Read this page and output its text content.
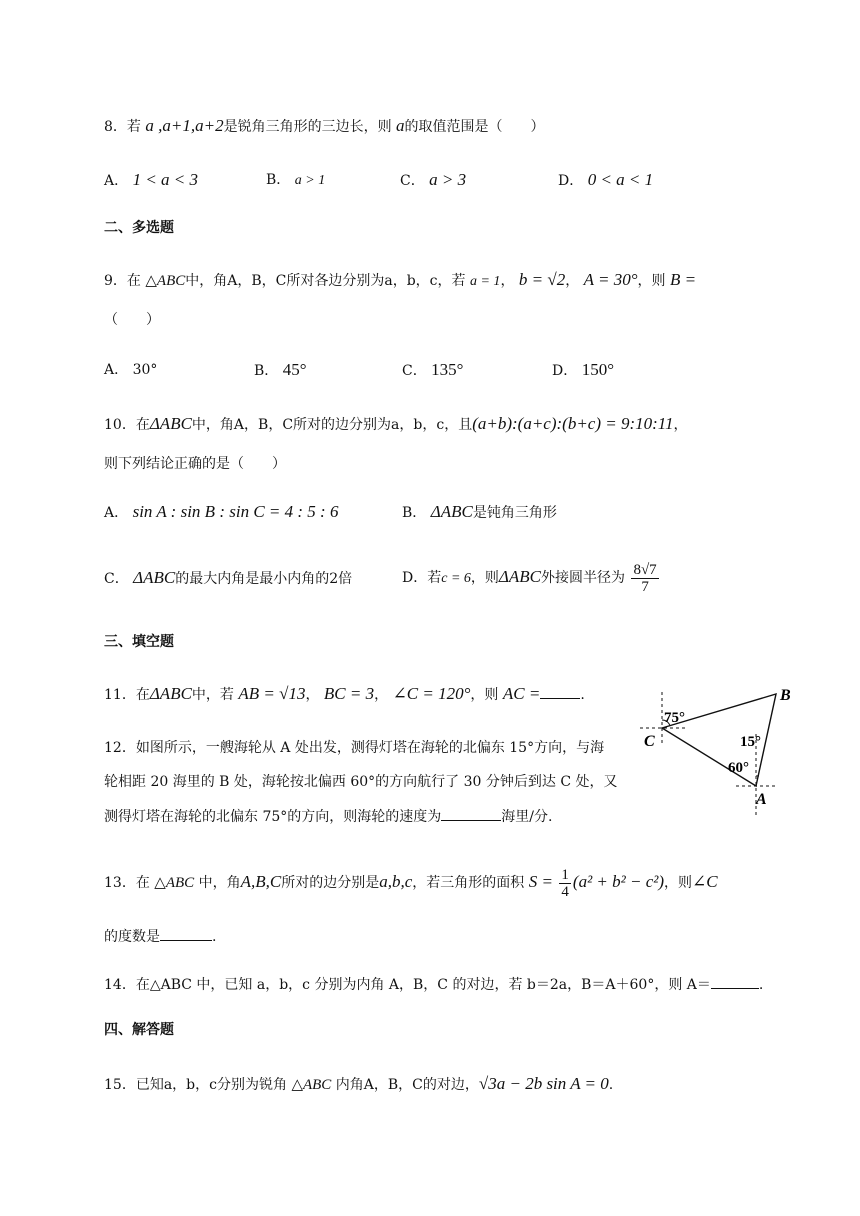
8．若 a ,a+1,a+2是锐角三角形的三边长，则 a的取值范围是（　　）
A． 1 < a < 3	B． a > 1	C． a > 3	D． 0 < a < 1
二、多选题
9．在 △ABC中，角A，B，C所对各边分别为a，b，c，若 a = 1， b = √2， A = 30°，则 B =
（　　）
A． 30°	B． 45°	C． 135°	D． 150°
10．在ΔABC中，角A，B，C所对的边分别为a，b，c，且(a+b):(a+c):(b+c) = 9:10:11，
则下列结论正确的是（　　）
A． sin A : sin B : sin C = 4 : 5 : 6	B． ΔABC是钝角三角形
C． ΔABC的最大内角是最小内角的2倍	D．若c = 6，则ΔABC外接圆半径为 $\frac{8√7}{7}$
三、填空题
11．在ΔABC中，若 AB = √13， BC = 3， ∠C = 120°，则 AC =	.
12．如图所示，一艘海轮从 A 处出发，测得灯塔在海轮的北偏东 15°方向，与海
轮相距 20 海里的 B 处，海轮按北偏西 60°的方向航行了 30 分钟后到达 C 处，又
测得灯塔在海轮的北偏东 75°的方向，则海轮的速度为	海里/分.
75°
15°
60°
B
C
A
13．在 △ABC 中，角A,B,C所对的边分别是a,b,c，若三角形的面积 $S = \frac{1}{4} (a^2 + b^2 - c^2)$，则∠C
的度数是	.
14．在△ABC 中，已知 a，b，c 分别为内角 A，B，C 的对边，若 b＝2a，B＝A＋60°，则 A＝	.
四、解答题
15．已知a，b，c分别为锐角 △ABC 内角A，B，C的对边，√3a − 2b sin A = 0.
